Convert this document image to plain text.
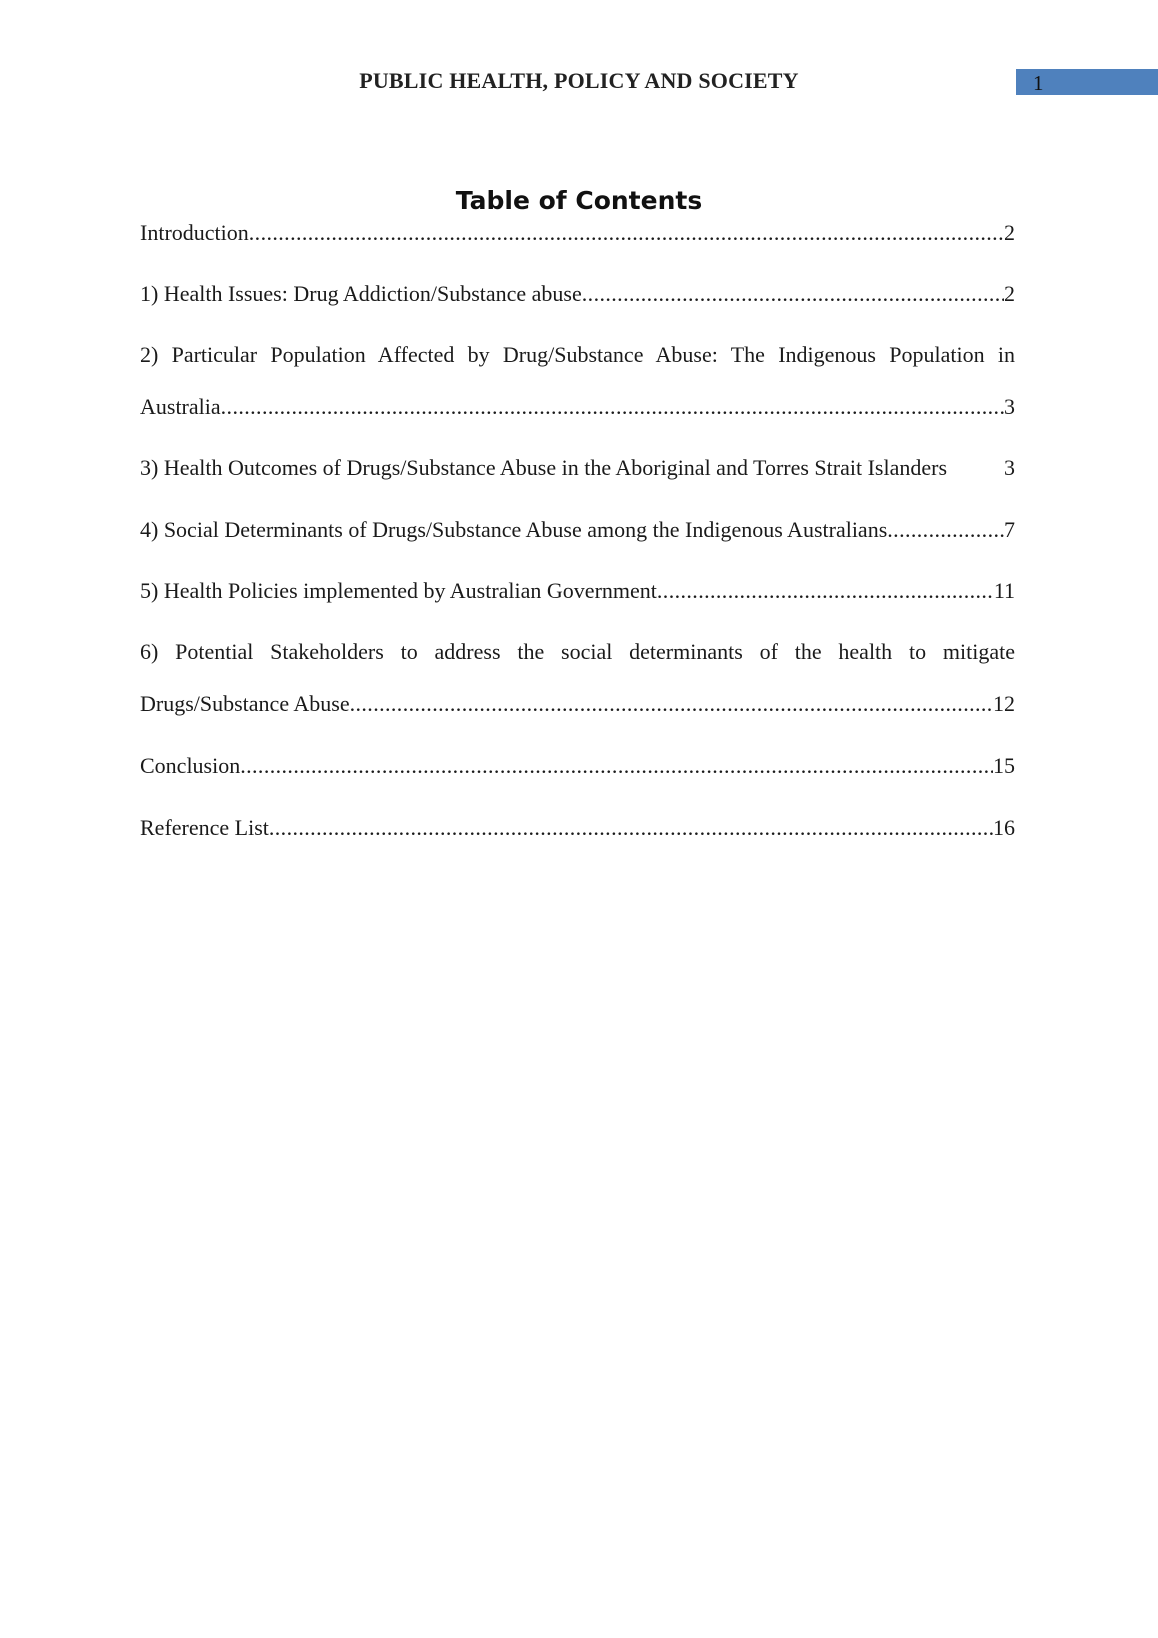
PUBLIC HEALTH, POLICY AND SOCIETY	1
Table of Contents
Introduction .....	2
1) Health Issues: Drug Addiction/Substance abuse .....	2
2) Particular Population Affected by Drug/Substance Abuse: The Indigenous Population in
Australia .....	3
3) Health Outcomes of Drugs/Substance Abuse in the Aboriginal and Torres Strait Islanders	3
4) Social Determinants of Drugs/Substance Abuse among the Indigenous Australians .....	7
5) Health Policies implemented by Australian Government .....	11
6) Potential Stakeholders to address the social determinants of the health to mitigate
Drugs/Substance Abuse .....	12
Conclusion .....	15
Reference List .....	16
